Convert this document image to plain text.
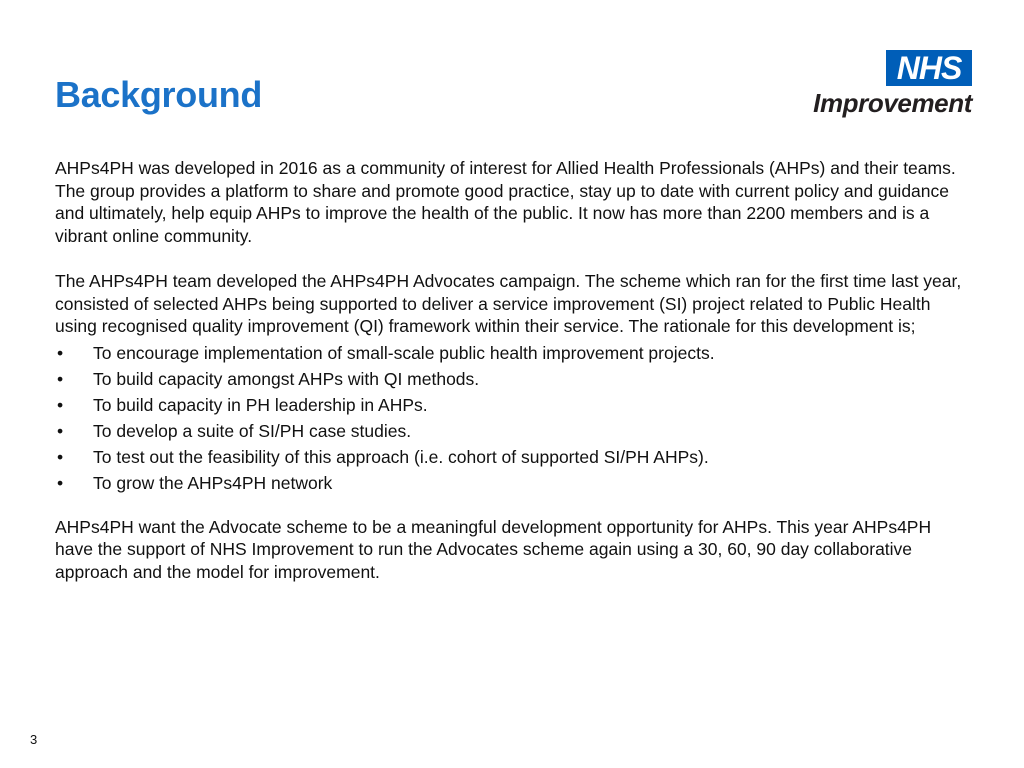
Background
NHS
Improvement

AHPs4PH was developed in 2016 as a community of interest for Allied Health Professionals (AHPs) and their teams. The group provides a platform to share and promote good practice, stay up to date with current policy and guidance and ultimately, help equip AHPs to improve the health of the public. It now has more than 2200 members and is a vibrant online community.

The AHPs4PH team developed the AHPs4PH Advocates campaign. The scheme which ran for the first time last year, consisted of selected AHPs being supported to deliver a service improvement (SI) project related to Public Health using recognised quality improvement (QI) framework within their service. The rationale for this development is;

• To encourage implementation of small-scale public health improvement projects.
• To build capacity amongst AHPs with QI methods.
• To build capacity in PH leadership in AHPs.
• To develop a suite of SI/PH case studies.
• To test out the feasibility of this approach (i.e. cohort of supported SI/PH AHPs).
• To grow the AHPs4PH network

AHPs4PH want the Advocate scheme to be a meaningful development opportunity for AHPs. This year AHPs4PH have the support of NHS Improvement to run the Advocates scheme again using a 30, 60, 90 day collaborative approach and the model for improvement.

3
